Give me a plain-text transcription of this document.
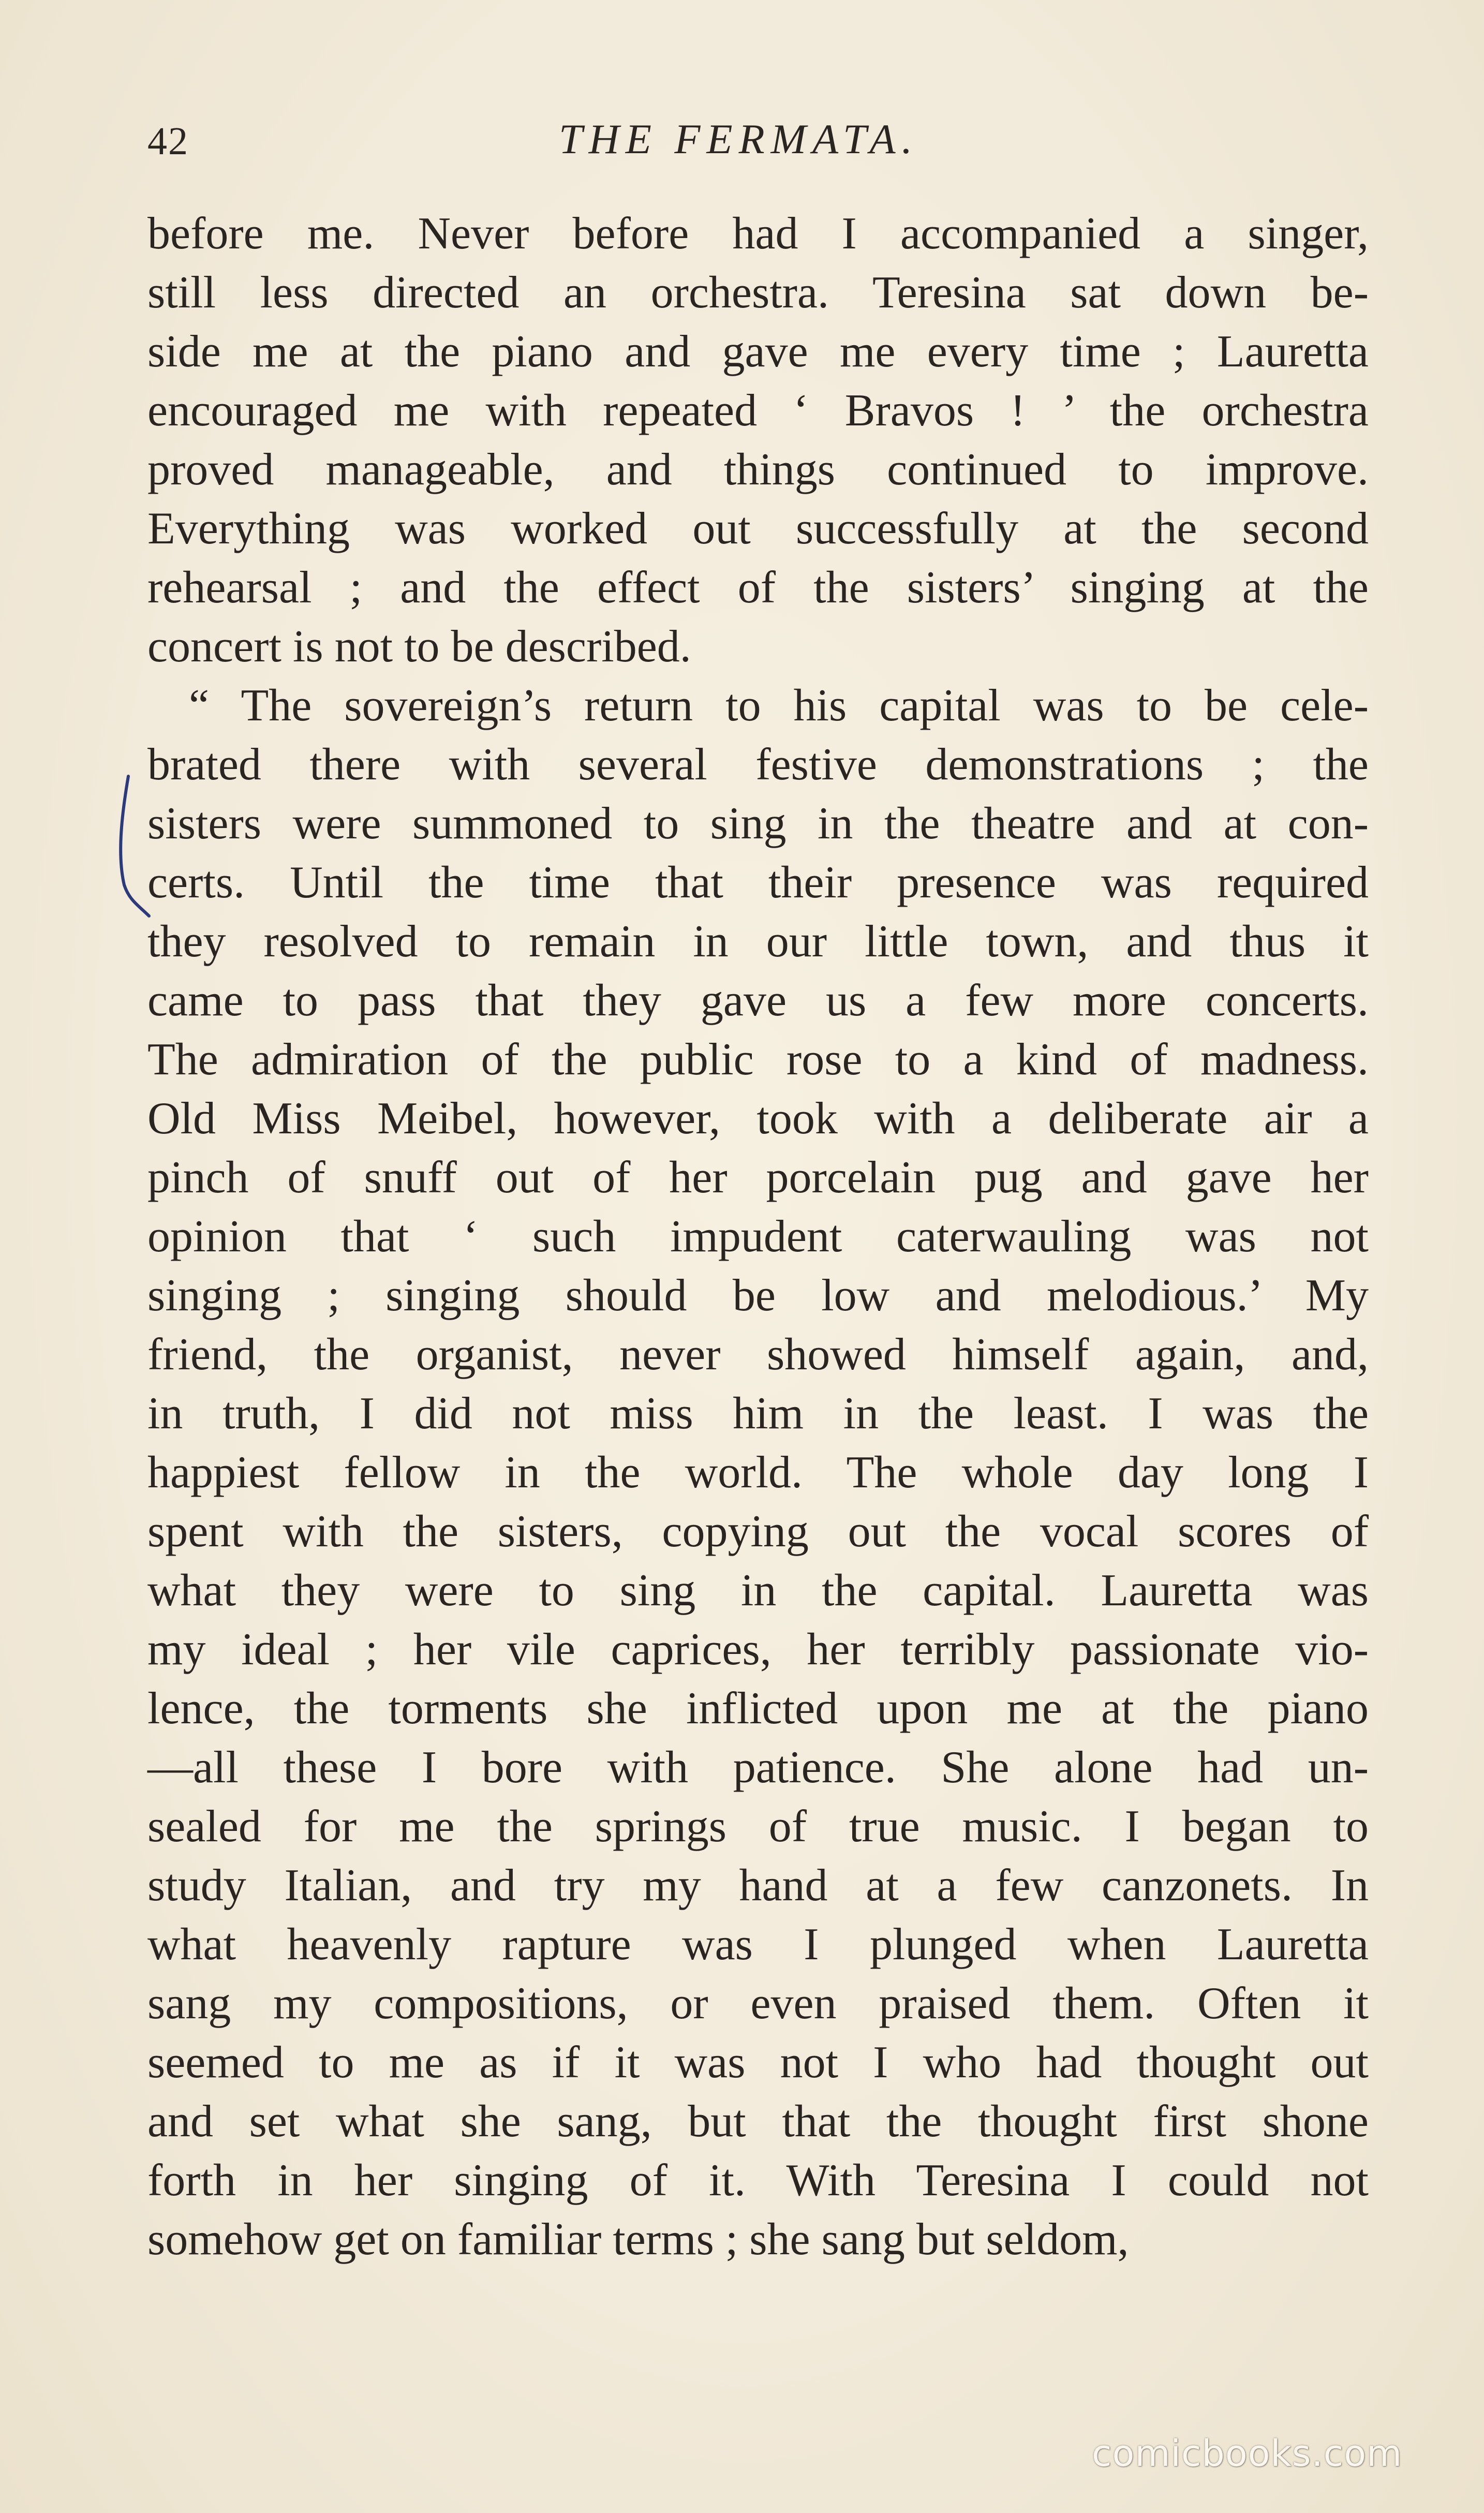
42	THE FERMATA.
before me. Never before had I accompanied a singer,
still less directed an orchestra. Teresina sat down be-
side me at the piano and gave me every time ; Lauretta
encouraged me with repeated ‘ Bravos ! ’ the orchestra
proved manageable, and things continued to improve.
Everything was worked out successfully at the second
rehearsal ; and the effect of the sisters’ singing at the
concert is not to be described.
“ The sovereign’s return to his capital was to be cele-
brated there with several festive demonstrations ; the
sisters were summoned to sing in the theatre and at con-
certs. Until the time that their presence was required
they resolved to remain in our little town, and thus it
came to pass that they gave us a few more concerts.
The admiration of the public rose to a kind of madness.
Old Miss Meibel, however, took with a deliberate air a
pinch of snuff out of her porcelain pug and gave her
opinion that ‘ such impudent caterwauling was not
singing ; singing should be low and melodious.’ My
friend, the organist, never showed himself again, and,
in truth, I did not miss him in the least. I was the
happiest fellow in the world. The whole day long I
spent with the sisters, copying out the vocal scores of
what they were to sing in the capital. Lauretta was
my ideal ; her vile caprices, her terribly passionate vio-
lence, the torments she inflicted upon me at the piano
—all these I bore with patience. She alone had un-
sealed for me the springs of true music. I began to
study Italian, and try my hand at a few canzonets. In
what heavenly rapture was I plunged when Lauretta
sang my compositions, or even praised them. Often it
seemed to me as if it was not I who had thought out
and set what she sang, but that the thought first shone
forth in her singing of it. With Teresina I could not
somehow get on familiar terms ; she sang but seldom,
comicbooks.com
